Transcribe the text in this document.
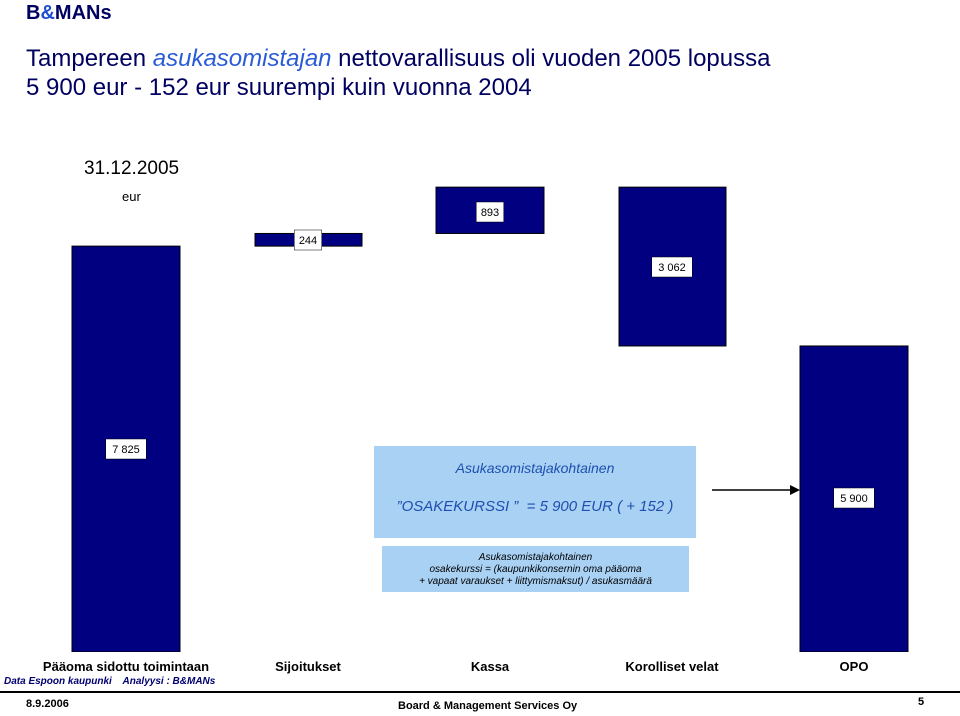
B&MANs
Tampereen asukasomistajan nettovarallisuus oli vuoden 2005 lopussa
5 900 eur - 152 eur suurempi kuin vuonna 2004
31.12.2005
eur
7 825
244
893
3 062
5 900
Asukasomistajakohtainen
”OSAKEKURSSI ”  = 5 900 EUR ( + 152 )
Asukasomistajakohtainen
osakekurssi = (kaupunkikonsernin oma pääoma
+ vapaat varaukset + liittymismaksut) / asukasmäärä
Pääoma sidottu toimintaan	Sijoitukset	Kassa	Korolliset velat	OPO
Data Espoon kaupunki    Analyysi : B&MANs
8.9.2006	Board & Management Services Oy	5
